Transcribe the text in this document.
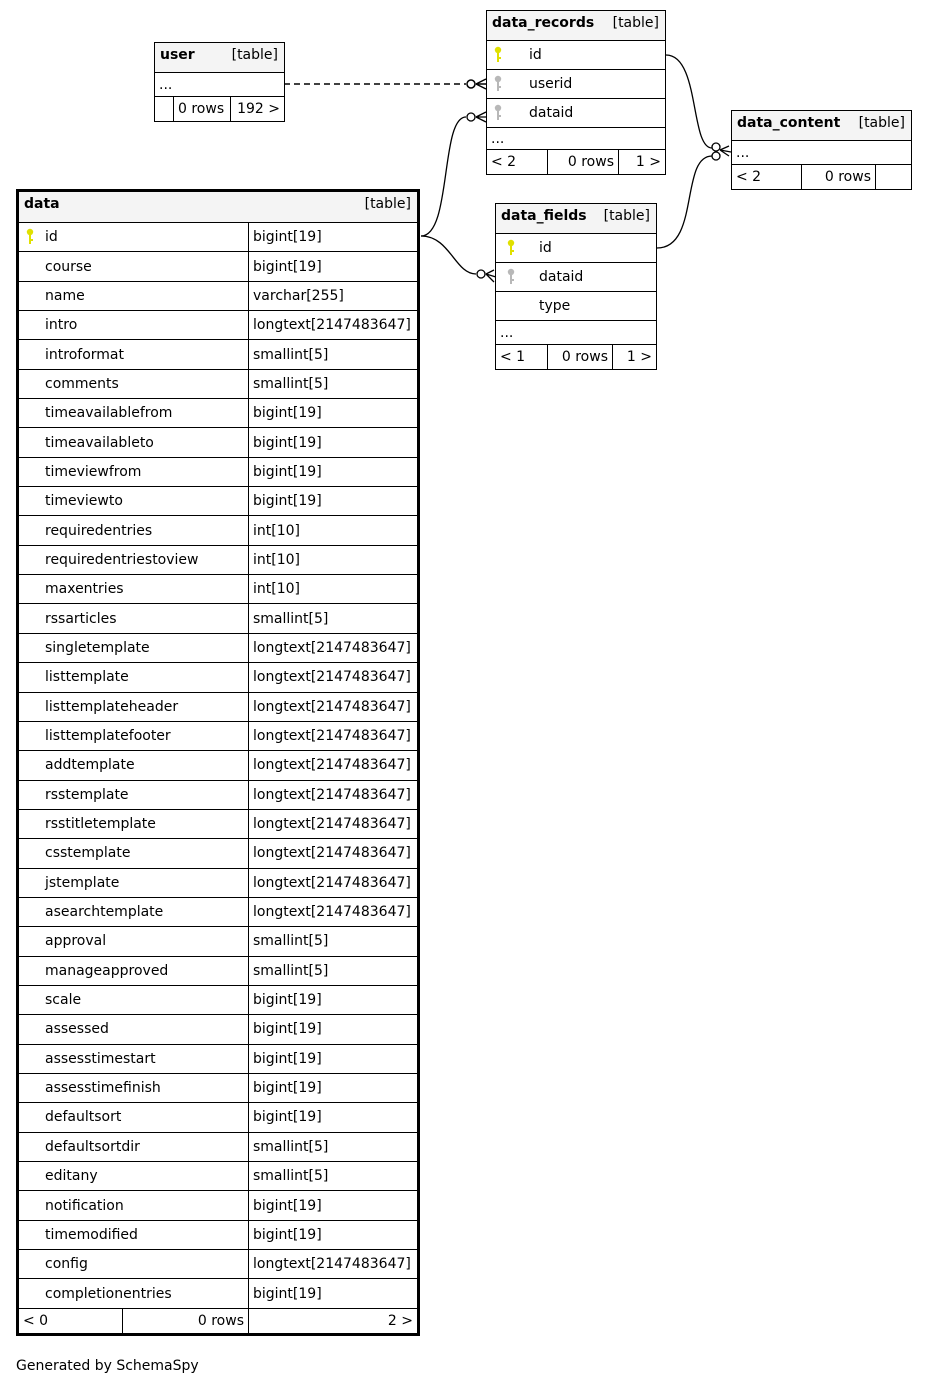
user	[table]
...
0 rows 192 >
data_records [table]
id
userid
dataid
...
< 2	0 rows 1 >
data_content [table]
...
< 2	0 rows
data_fields [table]
id
dataid
type
...
< 1	0 rows 1 >
data	[table]
id	bigint[19]
course	bigint[19]
name	varchar[255]
intro	longtext[2147483647]
introformat	smallint[5]
comments	smallint[5]
timeavailablefrom	bigint[19]
timeavailableto	bigint[19]
timeviewfrom	bigint[19]
timeviewto	bigint[19]
requiredentries	int[10]
requiredentriestoview	int[10]
maxentries	int[10]
rssarticles	smallint[5]
singletemplate	longtext[2147483647]
listtemplate	longtext[2147483647]
listtemplateheader	longtext[2147483647]
listtemplatefooter	longtext[2147483647]
addtemplate	longtext[2147483647]
rsstemplate	longtext[2147483647]
rsstitletemplate	longtext[2147483647]
csstemplate	longtext[2147483647]
jstemplate	longtext[2147483647]
asearchtemplate	longtext[2147483647]
approval	smallint[5]
manageapproved	smallint[5]
scale	bigint[19]
assessed	bigint[19]
assesstimestart	bigint[19]
assesstimefinish	bigint[19]
defaultsort	bigint[19]
defaultsortdir	smallint[5]
editany	smallint[5]
notification	bigint[19]
timemodified	bigint[19]
config	longtext[2147483647]
completionentries	bigint[19]
< 0	0 rows	2 >
Generated by SchemaSpy
